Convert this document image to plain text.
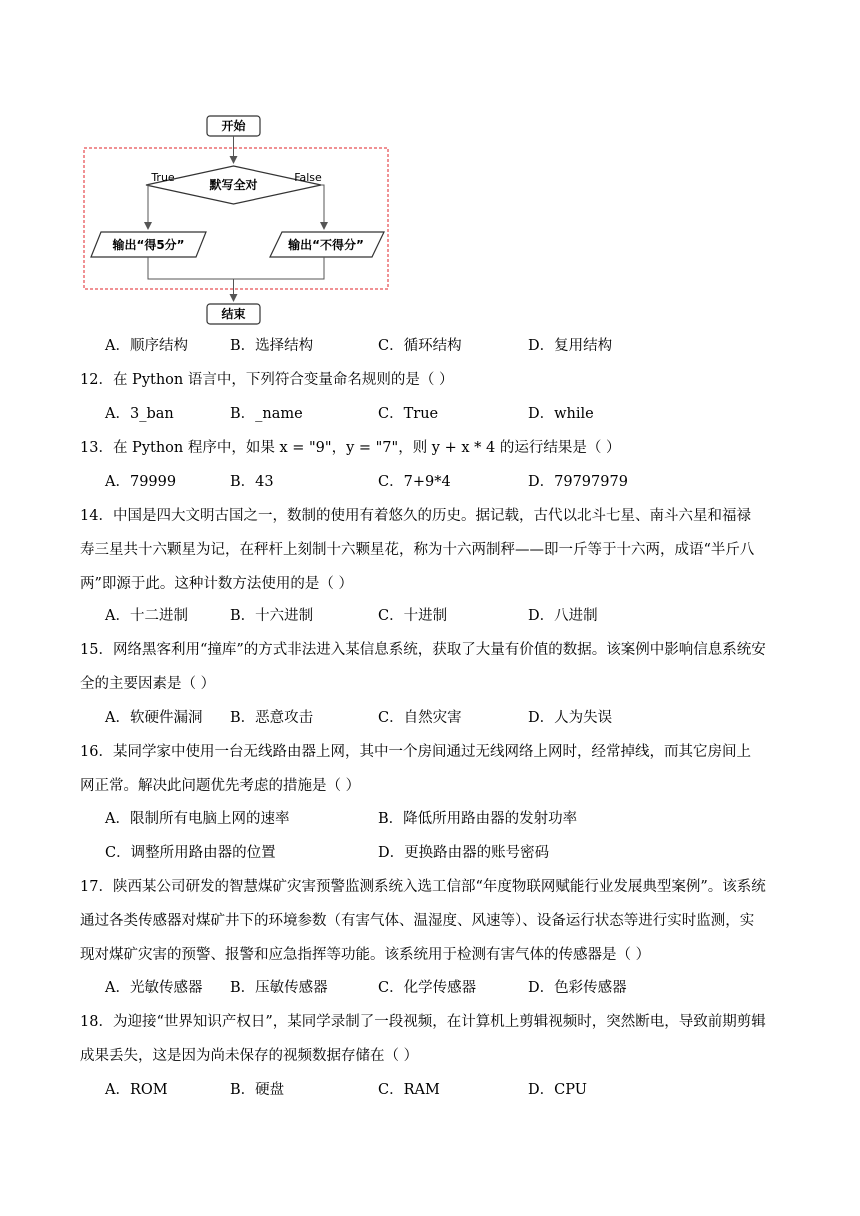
开始
默写全对
True	False
输出“得5分”	输出“不得分”
结束
A．顺序结构	B．选择结构	C．循环结构	D．复用结构

12．在 Python 语言中，下列符合变量命名规则的是（ ）

A．3_ban	B．_name	C．True	D．while

13．在 Python 程序中，如果 x = "9"，y = "7"，则 y + x * 4 的运行结果是（ ）

A．79999	B．43	C．7+9*4	D．79797979

14．中国是四大文明古国之一，数制的使用有着悠久的历史。据记载，古代以北斗七星、南斗六星和福禄

寿三星共十六颗星为记，在秤杆上刻制十六颗星花，称为十六两制秤——即一斤等于十六两，成语“半斤八

两”即源于此。这种计数方法使用的是（ ）

A．十二进制	B．十六进制	C．十进制	D．八进制

15．网络黑客利用“撞库”的方式非法进入某信息系统，获取了大量有价值的数据。该案例中影响信息系统安

全的主要因素是（ ）

A．软硬件漏洞 B．恶意攻击	C．自然灾害	D．人为失误

16．某同学家中使用一台无线路由器上网，其中一个房间通过无线网络上网时，经常掉线，而其它房间上

网正常。解决此问题优先考虑的措施是（ ）

A．限制所有电脑上网的速率	B．降低所用路由器的发射功率
C．调整所用路由器的位置	D．更换路由器的账号密码

17．陕西某公司研发的智慧煤矿灾害预警监测系统入选工信部“年度物联网赋能行业发展典型案例”。该系统

通过各类传感器对煤矿井下的环境参数（有害气体、温湿度、风速等）、设备运行状态等进行实时监测，实

现对煤矿灾害的预警、报警和应急指挥等功能。该系统用于检测有害气体的传感器是（ ）

A．光敏传感器 B．压敏传感器	C．化学传感器	D．色彩传感器

18．为迎接“世界知识产权日”，某同学录制了一段视频，在计算机上剪辑视频时，突然断电，导致前期剪辑

成果丢失，这是因为尚未保存的视频数据存储在（ ）

A．ROM	B．硬盘	C．RAM	D．CPU
